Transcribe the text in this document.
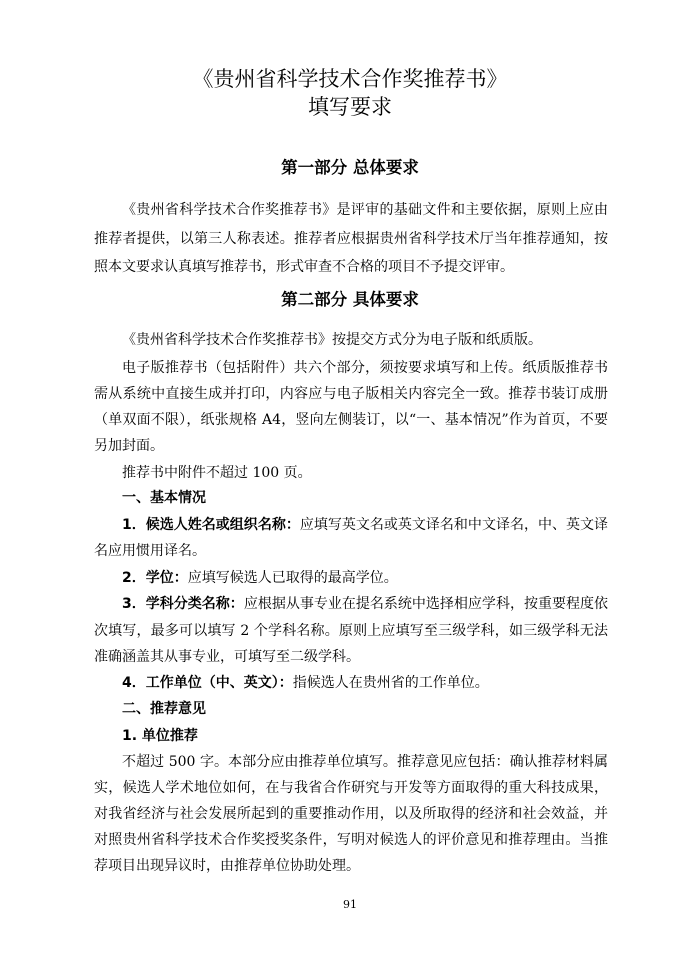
《贵州省科学技术合作奖推荐书》
填写要求
第一部分 总体要求
《贵州省科学技术合作奖推荐书》是评审的基础文件和主要依据，原则上应由
推荐者提供，以第三人称表述。推荐者应根据贵州省科学技术厅当年推荐通知，按
照本文要求认真填写推荐书，形式审查不合格的项目不予提交评审。
第二部分 具体要求
《贵州省科学技术合作奖推荐书》按提交方式分为电子版和纸质版。
电子版推荐书（包括附件）共六个部分，须按要求填写和上传。纸质版推荐书
需从系统中直接生成并打印，内容应与电子版相关内容完全一致。推荐书装订成册
（单双面不限），纸张规格 A4，竖向左侧装订，以“一、基本情况”作为首页，不要
另加封面。
推荐书中附件不超过 100 页。
一、基本情况
1．候选人姓名或组织名称：应填写英文名或英文译名和中文译名，中、英文译
名应用惯用译名。
2．学位：应填写候选人已取得的最高学位。
3．学科分类名称：应根据从事专业在提名系统中选择相应学科，按重要程度依
次填写，最多可以填写 2 个学科名称。原则上应填写至三级学科，如三级学科无法
准确涵盖其从事专业，可填写至二级学科。
4．工作单位（中、英文）：指候选人在贵州省的工作单位。
二、推荐意见
1. 单位推荐
不超过 500 字。本部分应由推荐单位填写。推荐意见应包括：确认推荐材料属
实，候选人学术地位如何，在与我省合作研究与开发等方面取得的重大科技成果，
对我省经济与社会发展所起到的重要推动作用，以及所取得的经济和社会效益，并
对照贵州省科学技术合作奖授奖条件，写明对候选人的评价意见和推荐理由。当推
荐项目出现异议时，由推荐单位协助处理。
91
